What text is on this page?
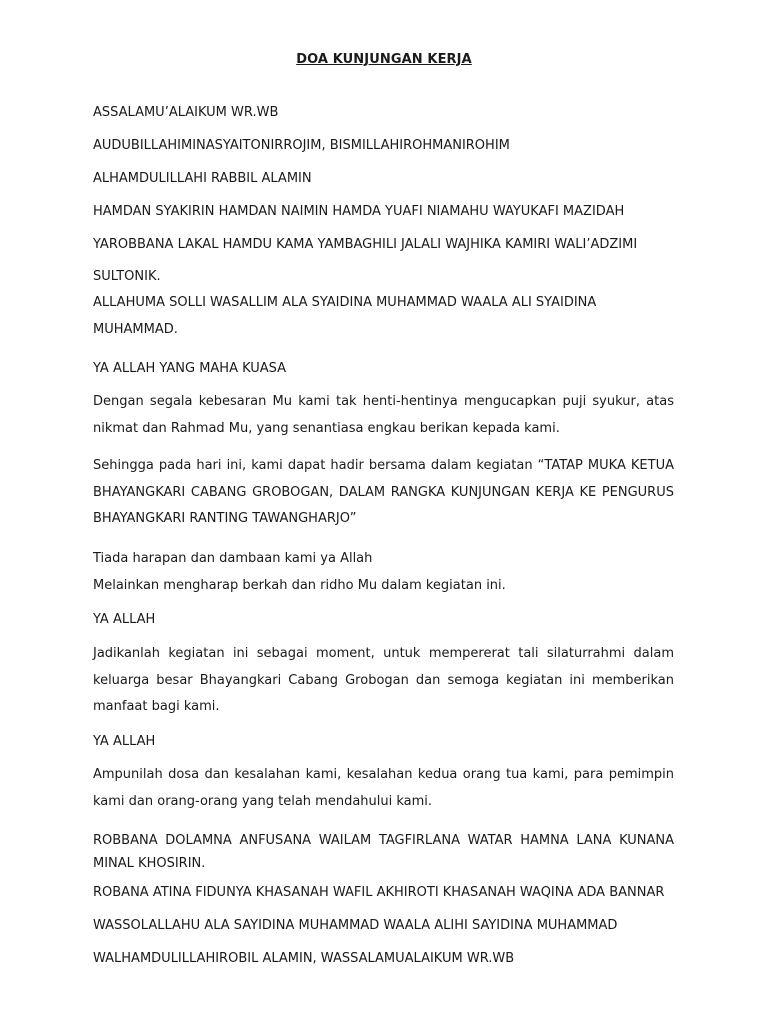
DOA KUNJUNGAN KERJA
ASSALAMU’ALAIKUM WR.WB
AUDUBILLAHIMINASYAITONIRROJIM, BISMILLAHIROHMANIROHIM
ALHAMDULILLAHI RABBIL ALAMIN
HAMDAN SYAKIRIN HAMDAN NAIMIN HAMDA YUAFI NIAMAHU WAYUKAFI MAZIDAH
YAROBBANA LAKAL HAMDU KAMA YAMBAGHILI JALALI WAJHIKA KAMIRI WALI’ADZIMI
SULTONIK.
ALLAHUMA SOLLI WASALLIM ALA SYAIDINA MUHAMMAD WAALA ALI SYAIDINA MUHAMMAD.
YA ALLAH YANG MAHA KUASA
Dengan segala kebesaran Mu kami tak henti-hentinya mengucapkan puji syukur, atas nikmat dan Rahmad Mu, yang senantiasa engkau berikan kepada kami.
Sehingga pada hari ini, kami dapat hadir bersama dalam kegiatan “TATAP MUKA KETUA BHAYANGKARI CABANG GROBOGAN, DALAM RANGKA KUNJUNGAN KERJA KE PENGURUS BHAYANGKARI RANTING TAWANGHARJO”
Tiada harapan dan dambaan kami ya Allah
Melainkan mengharap berkah dan ridho Mu dalam kegiatan ini.
YA ALLAH
Jadikanlah kegiatan ini sebagai moment, untuk mempererat tali silaturrahmi dalam keluarga besar Bhayangkari Cabang Grobogan dan semoga kegiatan ini memberikan manfaat bagi kami.
YA ALLAH
Ampunilah dosa dan kesalahan kami, kesalahan kedua orang tua kami, para pemimpin kami dan orang-orang yang telah mendahului kami.
ROBBANA DOLAMNA ANFUSANA WAILAM TAGFIRLANA WATAR HAMNA LANA KUNANA MINAL KHOSIRIN.
ROBANA ATINA FIDUNYA KHASANAH WAFIL AKHIROTI KHASANAH WAQINA ADA BANNAR
WASSOLALLAHU ALA SAYIDINA MUHAMMAD WAALA ALIHI SAYIDINA MUHAMMAD
WALHAMDULILLAHIROBIL ALAMIN, WASSALAMUALAIKUM WR.WB
